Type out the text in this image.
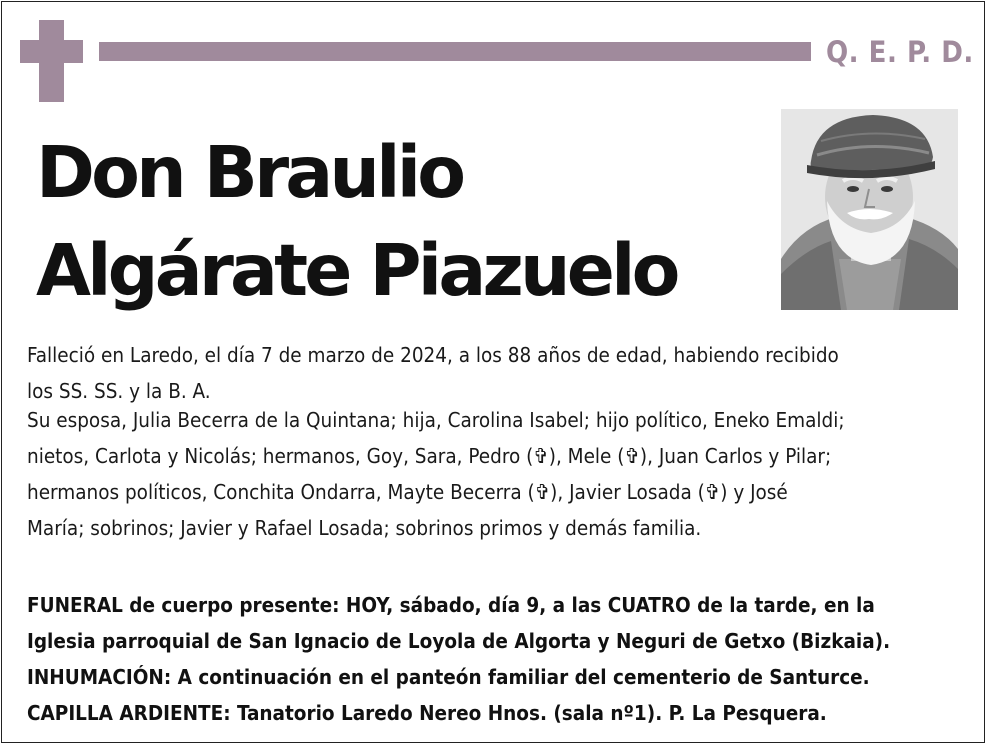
Q. E. P. D.
Don Braulio
Algárate Piazuelo
Falleció en Laredo, el día 7 de marzo de 2024, a los 88 años de edad, habiendo recibido
los SS. SS. y la B. A.
Su esposa, Julia Becerra de la Quintana; hija, Carolina Isabel; hijo político, Eneko Emaldi;
nietos, Carlota y Nicolás; hermanos, Goy, Sara, Pedro (✞), Mele (✞), Juan Carlos y Pilar;
hermanos políticos, Conchita Ondarra, Mayte Becerra (✞), Javier Losada (✞) y José
María; sobrinos; Javier y Rafael Losada; sobrinos primos y demás familia.
FUNERAL de cuerpo presente: HOY, sábado, día 9, a las CUATRO de la tarde, en la
Iglesia parroquial de San Ignacio de Loyola de Algorta y Neguri de Getxo (Bizkaia).
INHUMACIÓN: A continuación en el panteón familiar del cementerio de Santurce.
CAPILLA ARDIENTE: Tanatorio Laredo Nereo Hnos. (sala nº1). P. La Pesquera.
